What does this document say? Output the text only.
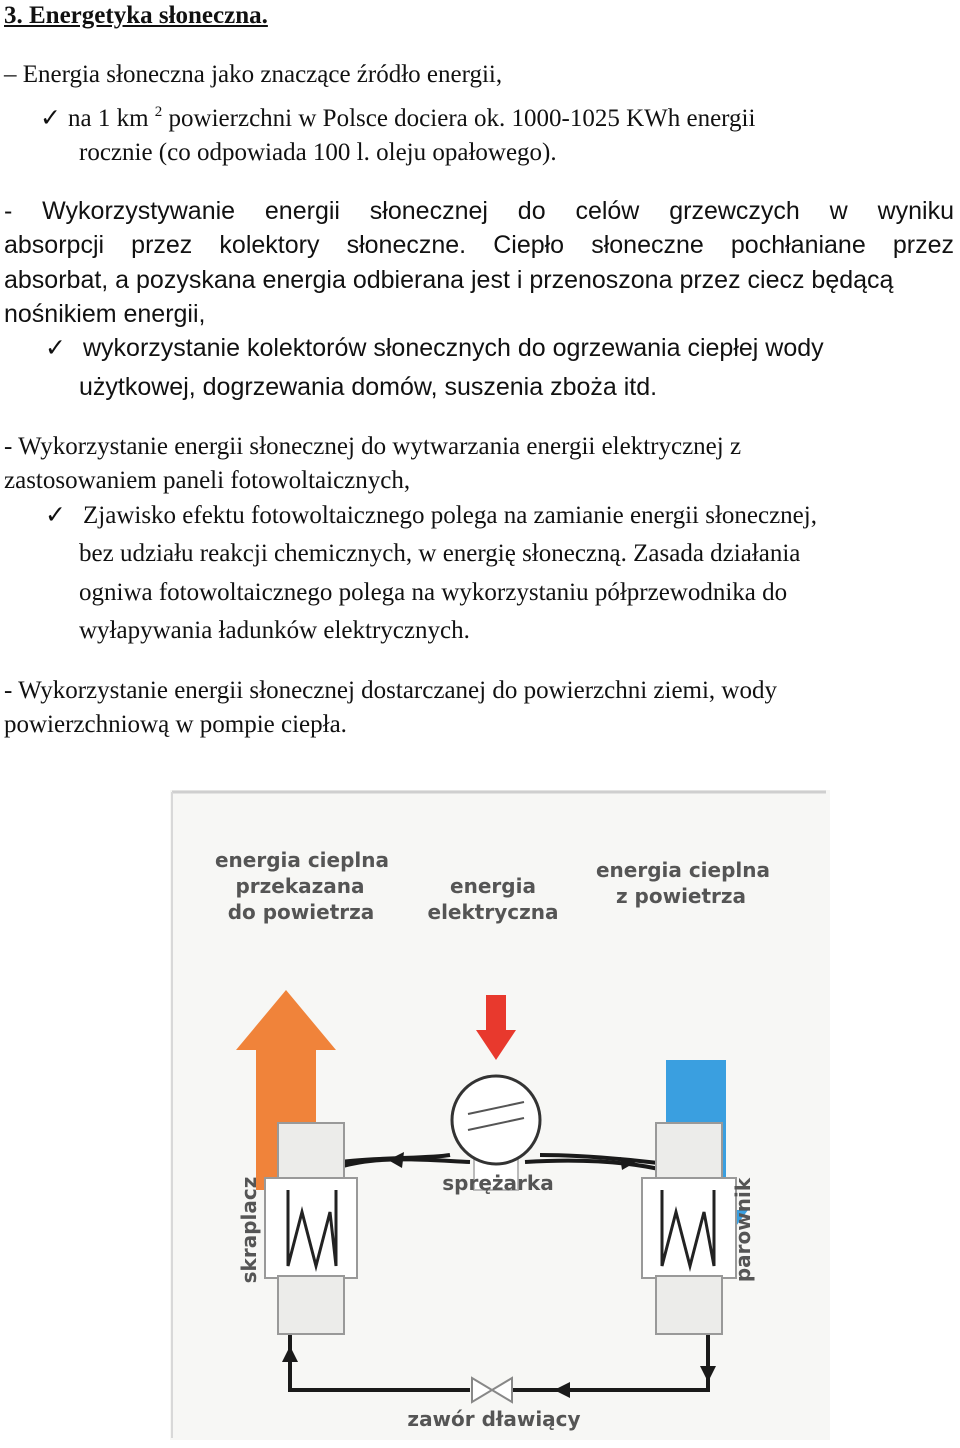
3. Energetyka słoneczna.
– Energia słoneczna jako znaczące źródło energii,
✓ na 1 km $^2$ powierzchni w Polsce dociera ok. 1000-1025 KWh energii
rocznie (co odpowiada 100 l. oleju opałowego).
- Wykorzystywanie energii słonecznej do celów grzewczych w wyniku
absorpcji przez kolektory słoneczne. Ciepło słoneczne pochłaniane przez
absorbat, a pozyskana energia odbierana jest i przenoszona przez ciecz będącą
nośnikiem energii,
✓ wykorzystanie kolektorów słonecznych do ogrzewania ciepłej wody
użytkowej, dogrzewania domów, suszenia zboża itd.
- Wykorzystanie energii słonecznej do wytwarzania energii elektrycznej z
zastosowaniem paneli fotowoltaicznych,
✓ Zjawisko efektu fotowoltaicznego polega na zamianie energii słonecznej,
bez udziału reakcji chemicznych, w energię słoneczną. Zasada działania
ogniwa fotowoltaicznego polega na wykorzystaniu półprzewodnika do
wyłapywania ładunków elektrycznych.
- Wykorzystanie energii słonecznej dostarczanej do powierzchni ziemi, wody
powierzchniową w pompie ciepła.
energia cieplna
przekazana
do powietrza
energia
elektryczna
energia cieplna
z powietrza
sprężarka
skraplacz	parownik
zawór dławiący
